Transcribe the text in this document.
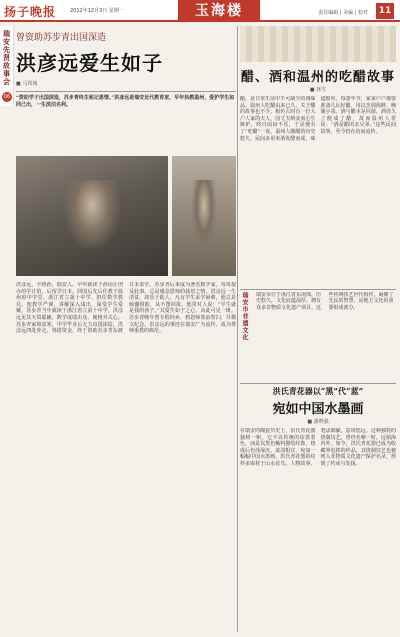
扬子晚报	2012年12月3日 星期一	玉海楼	责任编辑 | 美编 | 校对	11
瑞安先贤故事会
06
曾资助苏步青出国深造
洪彦远爱生如子
■ 马邦城
“资助学子出国深造，苏步青终生铭记恩情。”洪彦远是瑞安近代教育家，早年执教温州，爱护学生如同己出，一生淡泊名利。
洪彦远，字纫孙，瑞安人。早年就读于孙诒让创办的学计馆，后留学日本。回国后先后任教于温州府中学堂、浙江省立第十中学，担任数学教员。他教学严谨，讲解深入浅出，深受学生爱戴。苏步青当年就读于浙江省立第十中学，洪彦远见其天资聪颖，数学成绩出众，便格外关心。苏步青家境贫寒，中学毕业后无力出国深造，洪彦远四处奔走，筹措资金，终于资助苏步青东渡日本求学。苏步青后来成为著名数学家，每每提及此事，总是感念恩师的栽培之情。洪彦远一生清贫，却乐于助人，凡有学生求学困难，他总是倾囊相助，从不图回报。他常对人说：“学生就是我的孩子。”其爱生如子之心，由此可见一斑。苏步青晚年曾专程回乡，到恩师墓前祭扫，并撰文纪念。洪彦远的事迹在瑞安广为流传，成为尊师重教的典范。
醋、酒和温州的吃醋故事
■ 林雪
醋，是日常生活中不可缺少的调味品。温州人吃醋由来已久，关于醋的故事也不少。相传古时有一位大户人家的夫人，因丈夫纳妾而心生嫉妒，终日闷闷不乐，于是便有了“吃醋”一说。温州人酿醋的历史悠久，民间多用米酒发酵而成，味道醇厚。每逢年节，家家户户都要准备几坛好醋，用以烹调海鲜、腌制小菜。酒与醋本是同源，酒放久了便成了醋，故而温州人常说：“酒是醋的亲兄弟。”这些民间故事，至今仍在坊间流传。
瑞安市非遗文化 瑞安市位于浙江省东南部，历史悠久，文化底蕴深厚，拥有众多非物质文化遗产项目。这些传统技艺世代相传，凝聚了先民的智慧，是地方文化的重要组成部分。
洪氏青花器以“黑”代“蓝”
宛如中国水墨画
■ 潘晓强
在瑞安的陶瓷历史上，洪氏青花器独树一帜。它不以传统的钴蓝着色，而是以黑色釉料描绘纹饰，烧成后色泽深沉，浓淡相宜，宛如一幅幅中国水墨画。洪氏青花器的纹样多取材于山水花鸟、人物故事，笔法细腻，意境悠远。这种独特的烧制技艺，曾经名噪一时，远销海内外。如今，洪氏青花器已成为收藏界追捧的珍品，其烧制技艺也被列入非物质文化遗产保护名录，得到了传承与发扬。
